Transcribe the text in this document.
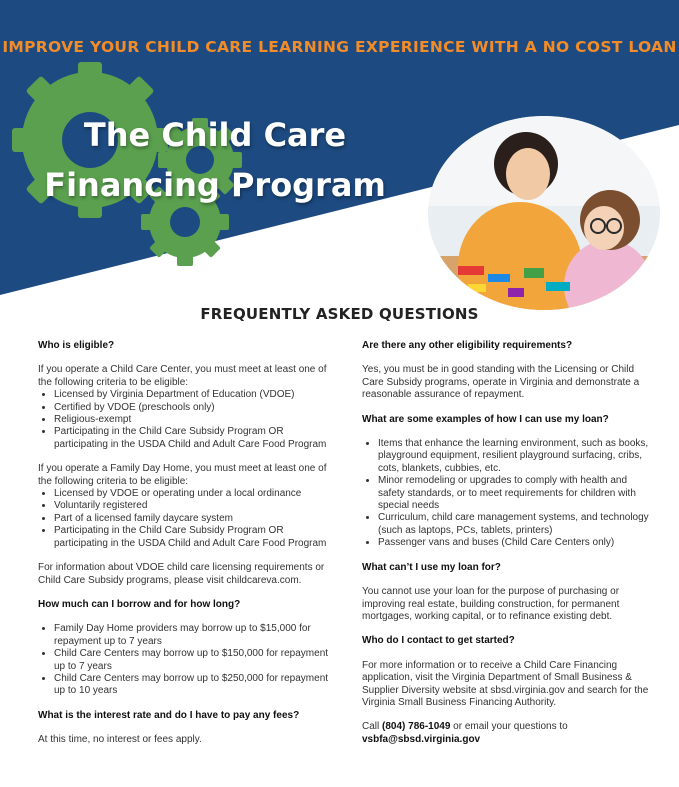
IMPROVE YOUR CHILD CARE LEARNING EXPERIENCE WITH A NO COST LOAN
The Child Care
Financing Program
FREQUENTLY ASKED QUESTIONS
Who is eligible?

If you operate a Child Care Center, you must meet at least one of the following criteria to be eligible:

• Licensed by Virginia Department of Education (VDOE)
• Certified by VDOE (preschools only)
• Religious-exempt
• Participating in the Child Care Subsidy Program OR participating in the USDA Child and Adult Care Food Program

If you operate a Family Day Home, you must meet at least one of the following criteria to be eligible:

• Licensed by VDOE or operating under a local ordinance
• Voluntarily registered
• Part of a licensed family daycare system
• Participating in the Child Care Subsidy Program OR participating in the USDA Child and Adult Care Food Program

For information about VDOE child care licensing requirements or Child Care Subsidy programs, please visit childcareva.com.

How much can I borrow and for how long?
• Family Day Home providers may borrow up to $15,000 for repayment up to 7 years
• Child Care Centers may borrow up to $150,000 for repayment up to 7 years
• Child Care Centers may borrow up to $250,000 for repayment up to 10 years
What is the interest rate and do I have to pay any fees?

At this time, no interest or fees apply.

Are there any other eligibility requirements?

Yes, you must be in good standing with the Licensing or Child Care Subsidy programs, operate in Virginia and demonstrate a reasonable assurance of repayment.

What are some examples of how I can use my loan?
• Items that enhance the learning environment, such as books, playground equipment, resilient playground surfacing, cribs, cots, blankets, cubbies, etc.
• Minor remodeling or upgrades to comply with health and safety standards, or to meet requirements for children with special needs
• Curriculum, child care management systems, and technology (such as laptops, PCs, tablets, printers)
• Passenger vans and buses (Child Care Centers only)
What can’t I use my loan for?

You cannot use your loan for the purpose of purchasing or improving real estate, building construction, for permanent mortgages, working capital, or to refinance existing debt.

Who do I contact to get started?

For more information or to receive a Child Care Financing application, visit the Virginia Department of Small Business & Supplier Diversity website at sbsd.virginia.gov and search for the Virginia Small Business Financing Authority.

Call (804) 786-1049 or email your questions to
vsbfa@sbsd.virginia.gov
